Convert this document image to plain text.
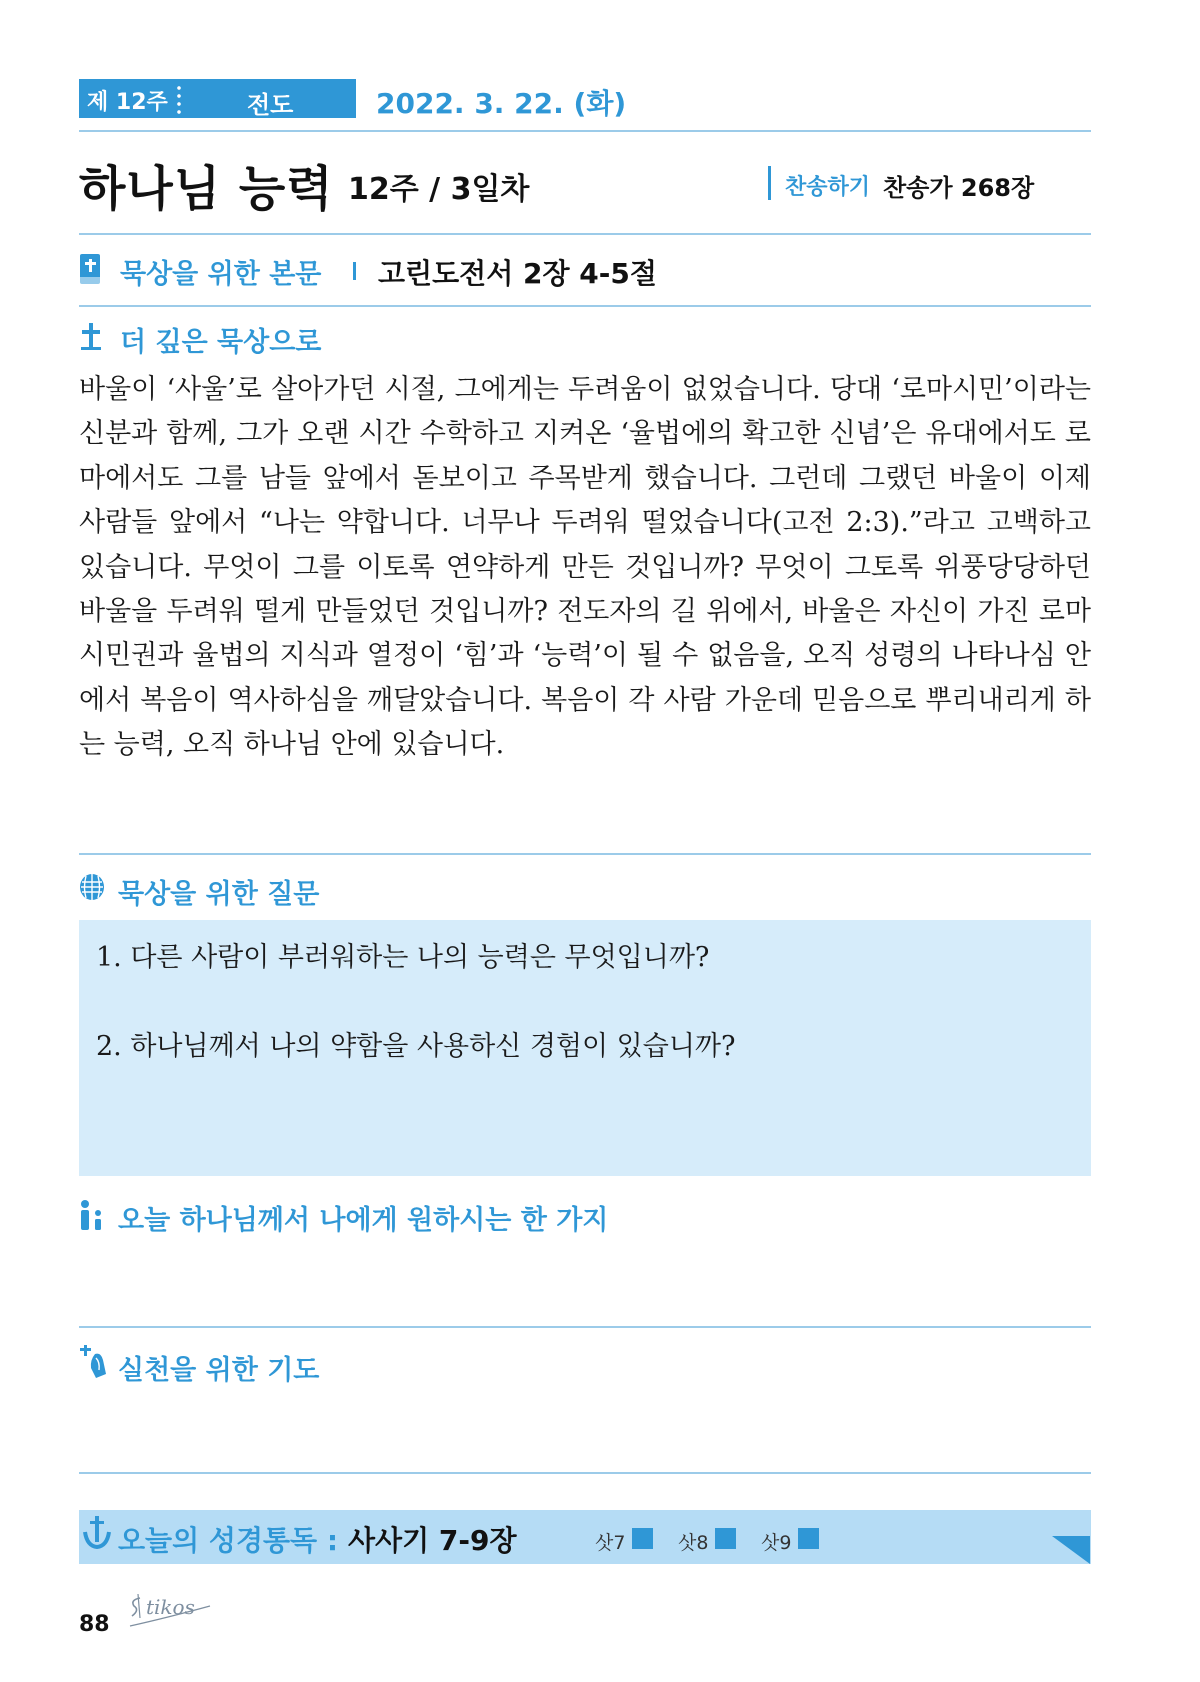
제 12주	전도	2022. 3. 22. (화)
하나님 능력 12주 / 3일차	찬송하기 찬송가 268장
묵상을 위한 본문 고린도전서 2장 4-5절
더 깊은 묵상으로
바울이 ‘사울’로 살아가던 시절, 그에게는 두려움이 없었습니다. 당대 ‘로마시민’이라는 신분과 함께, 그가 오랜 시간 수학하고 지켜온 ‘율법에의 확고한 신념’은 유대에서도 로마에서도 그를 남들 앞에서 돋보이고 주목받게 했습니다. 그런데 그랬던 바울이 이제 사람들 앞에서 “나는 약합니다. 너무나 두려워 떨었습니다(고전 2:3).”라고 고백하고 있습니다. 무엇이 그를 이토록 연약하게 만든 것입니까? 무엇이 그토록 위풍당당하던 바울을 두려워 떨게 만들었던 것입니까? 전도자의 길 위에서, 바울은 자신이 가진 로마시민권과 율법의 지식과 열정이 ‘힘’과 ‘능력’이 될 수 없음을, 오직 성령의 나타나심 안에서 복음이 역사하심을 깨달았습니다. 복음이 각 사람 가운데 믿음으로 뿌리내리게 하는 능력, 오직 하나님 안에 있습니다.
묵상을 위한 질문
1. 다른 사람이 부러워하는 나의 능력은 무엇입니까?
2. 하나님께서 나의 약함을 사용하신 경험이 있습니까?
오늘 하나님께서 나에게 원하시는 한 가지
실천을 위한 기도
오늘의 성경통독 : 사사기 7-9장	삿7	삿8	삿9
88
tikos
